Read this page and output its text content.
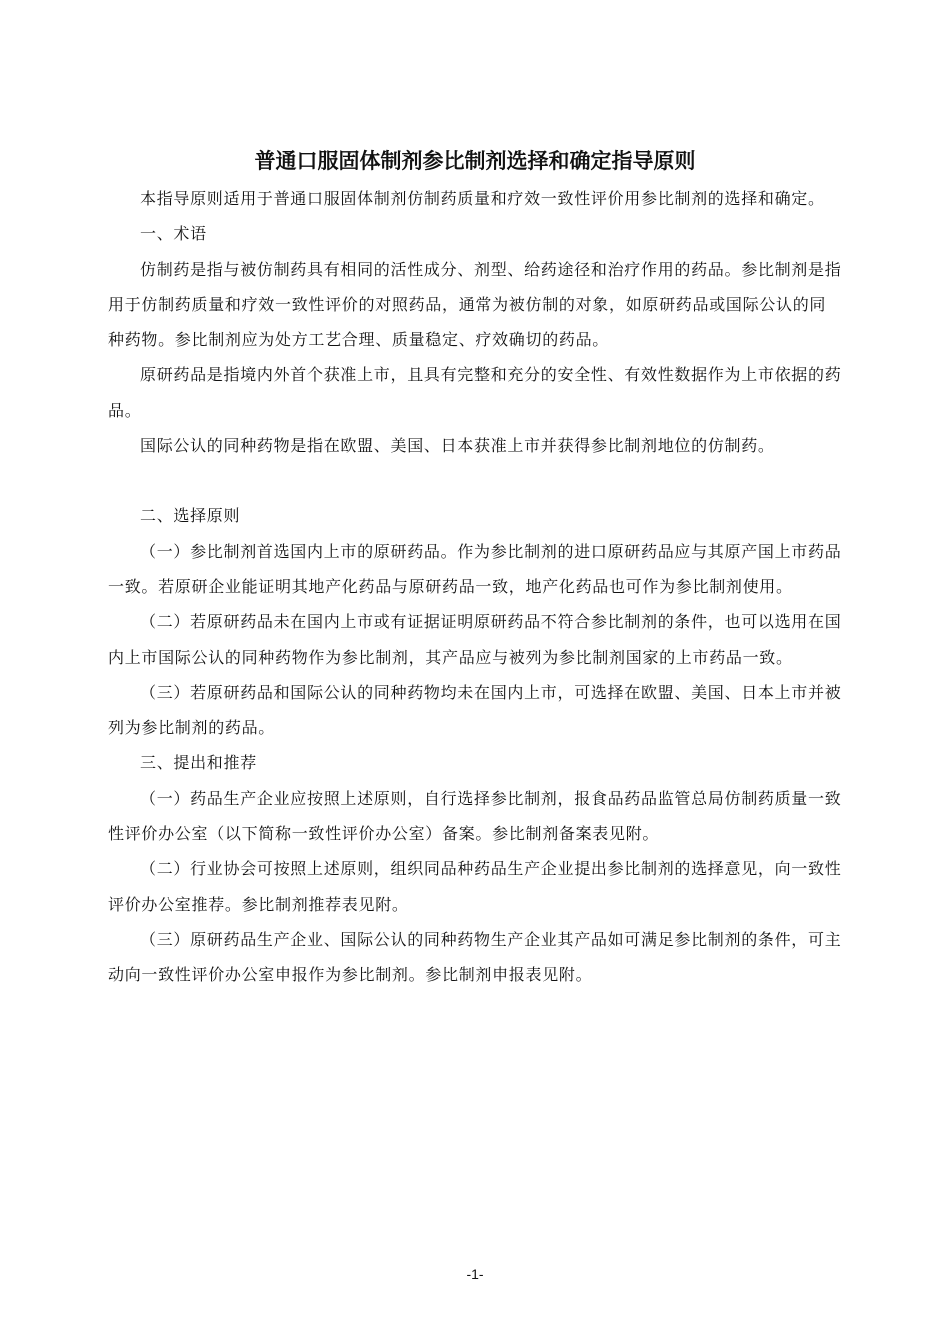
普通口服固体制剂参比制剂选择和确定指导原则

本指导原则适用于普通口服固体制剂仿制药质量和疗效一致性评价用参比制剂的选择和确定。

一、术语

仿制药是指与被仿制药具有相同的活性成分、剂型、给药途径和治疗作用的药品。参比制剂是指用于仿制药质量和疗效一致性评价的对照药品，通常为被仿制的对象，如原研药品或国际公认的同种药物。参比制剂应为处方工艺合理、质量稳定、疗效确切的药品。

原研药品是指境内外首个获准上市，且具有完整和充分的安全性、有效性数据作为上市依据的药品。

国际公认的同种药物是指在欧盟、美国、日本获准上市并获得参比制剂地位的仿制药。

二、选择原则

（一）参比制剂首选国内上市的原研药品。作为参比制剂的进口原研药品应与其原产国上市药品一致。若原研企业能证明其地产化药品与原研药品一致，地产化药品也可作为参比制剂使用。

（二）若原研药品未在国内上市或有证据证明原研药品不符合参比制剂的条件，也可以选用在国内上市国际公认的同种药物作为参比制剂，其产品应与被列为参比制剂国家的上市药品一致。

（三）若原研药品和国际公认的同种药物均未在国内上市，可选择在欧盟、美国、日本上市并被列为参比制剂的药品。

三、提出和推荐

（一）药品生产企业应按照上述原则，自行选择参比制剂，报食品药品监管总局仿制药质量一致性评价办公室（以下简称一致性评价办公室）备案。参比制剂备案表见附。

（二）行业协会可按照上述原则，组织同品种药品生产企业提出参比制剂的选择意见，向一致性评价办公室推荐。参比制剂推荐表见附。

（三）原研药品生产企业、国际公认的同种药物生产企业其产品如可满足参比制剂的条件，可主动向一致性评价办公室申报作为参比制剂。参比制剂申报表见附。

-1-
